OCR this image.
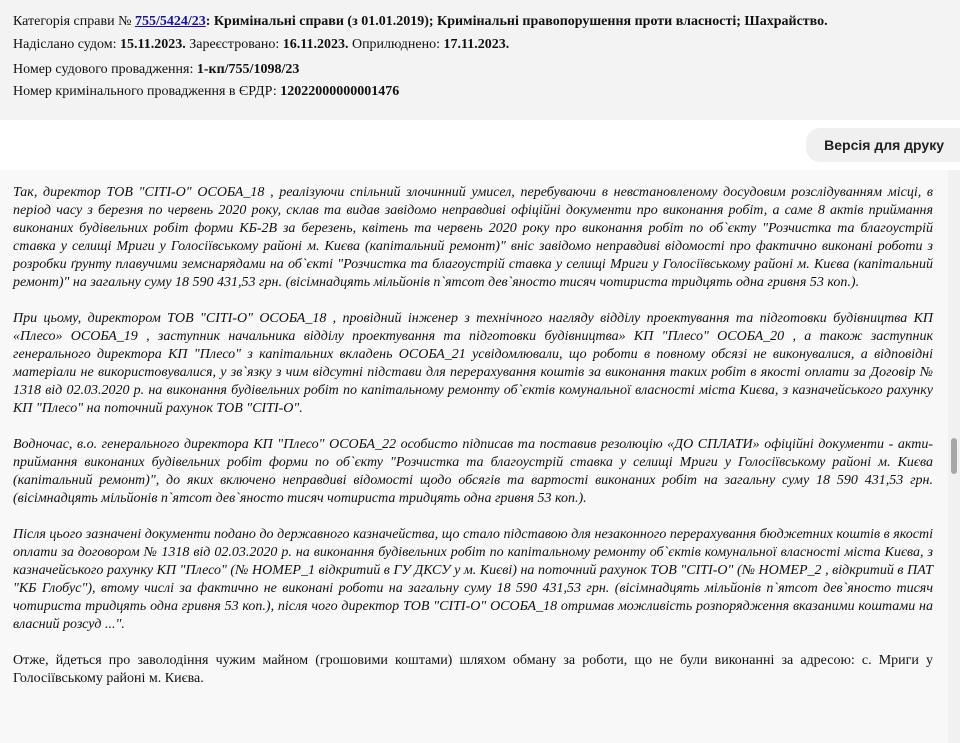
Категорія справи № 755/5424/23: Кримінальні справи (з 01.01.2019); Кримінальні правопорушення проти власності; Шахрайство.
Надіслано судом: 15.11.2023. Зареєстровано: 16.11.2023. Оприлюднено: 17.11.2023.
Номер судового провадження: 1-кп/755/1098/23
Номер кримінального провадження в ЄРДР: 12022000000001476
Версія для друку

Так, директор ТОВ "СІТІ-О" ОСОБА_18 , реалізуючи спільний злочинний умисел, перебуваючи в невстановленому досудовим розслідуванням місці, в період часу з березня по червень 2020 року, склав та видав завідомо неправдиві офіційні документи про виконання робіт, а саме 8 актів приймання виконаних будівельних робіт форми КБ-2В за березень, квітень та червень 2020 року про виконання робіт по об`єкту "Розчистка та благоустрій ставка у селищі Мриги у Голосіївському районі м. Києва (капітальний ремонт)" вніс завідомо неправдиві відомості про фактично виконані роботи з розробки ґрунту плавучими земснарядами на об`єкті "Розчистка та благоустрій ставка у селищі Мриги у Голосіївському районі м. Києва (капітальний ремонт)" на загальну суму 18 590 431,53 грн. (вісімнадцять мільйонів п`ятсот дев`яносто тисяч чотириста тридцять одна гривня 53 коп.).

При цьому, директором ТОВ "СІТІ-О" ОСОБА_18 , провідний інженер з технічного нагляду відділу проектування та підготовки будівництва КП «Плесо» ОСОБА_19 , заступник начальника відділу проектування та підготовки будівництва» КП "Плесо" ОСОБА_20 , а також заступник генерального директора КП "Плесо" з капітальних вкладень ОСОБА_21 усвідомлювали, що роботи в повному обсязі не виконувалися, а відповідні матеріали не використовувалися, у зв`язку з чим відсутні підстави для перерахування коштів за виконання таких робіт в якості оплати за Договір № 1318 від 02.03.2020 р. на виконання будівельних робіт по капітальному ремонту об`єктів комунальної власності міста Києва, з казначейського рахунку КП "Плесо" на поточний рахунок ТОВ "СІТІ-О".

Водночас, в.о. генерального директора КП "Плесо" ОСОБА_22 особисто підписав та поставив резолюцію «ДО СПЛАТИ» офіційні документи - акти-приймання виконаних будівельних робіт форми по об`єкту "Розчистка та благоустрій ставка у селищі Мриги у Голосіївському районі м. Києва (капітальний ремонт)", до яких включено неправдиві відомості щодо обсягів та вартості виконаних робіт на загальну суму 18 590 431,53 грн. (вісімнадцять мільйонів п`ятсот дев`яносто тисяч чотириста тридцять одна гривня 53 коп.).

Після цього зазначені документи подано до державного казначейства, що стало підставою для незаконного перерахування бюджетних коштів в якості оплати за договором № 1318 від 02.03.2020 р. на виконання будівельних робіт по капітальному ремонту об`єктів комунальної власності міста Києва, з казначейського рахунку КП "Плесо" (№ НОМЕР_1 відкритий в ГУ ДКСУ у м. Києві) на поточний рахунок ТОВ "СІТІ-О" (№ НОМЕР_2 , відкритий в ПАТ "КБ Глобус"), втому числі за фактично не виконані роботи на загальну суму 18 590 431,53 грн. (вісімнадцять мільйонів п`ятсот дев`яносто тисяч чотириста тридцять одна гривня 53 коп.), після чого директор ТОВ "СІТІ-О" ОСОБА_18 отримав можливість розпорядження вказаними коштами на власний розсуд ...".

Отже, йдеться про заволодіння чужим майном (грошовими коштами) шляхом обману за роботи, що не були виконанні за адресою: с. Мриги у Голосіївському районі м. Києва.
